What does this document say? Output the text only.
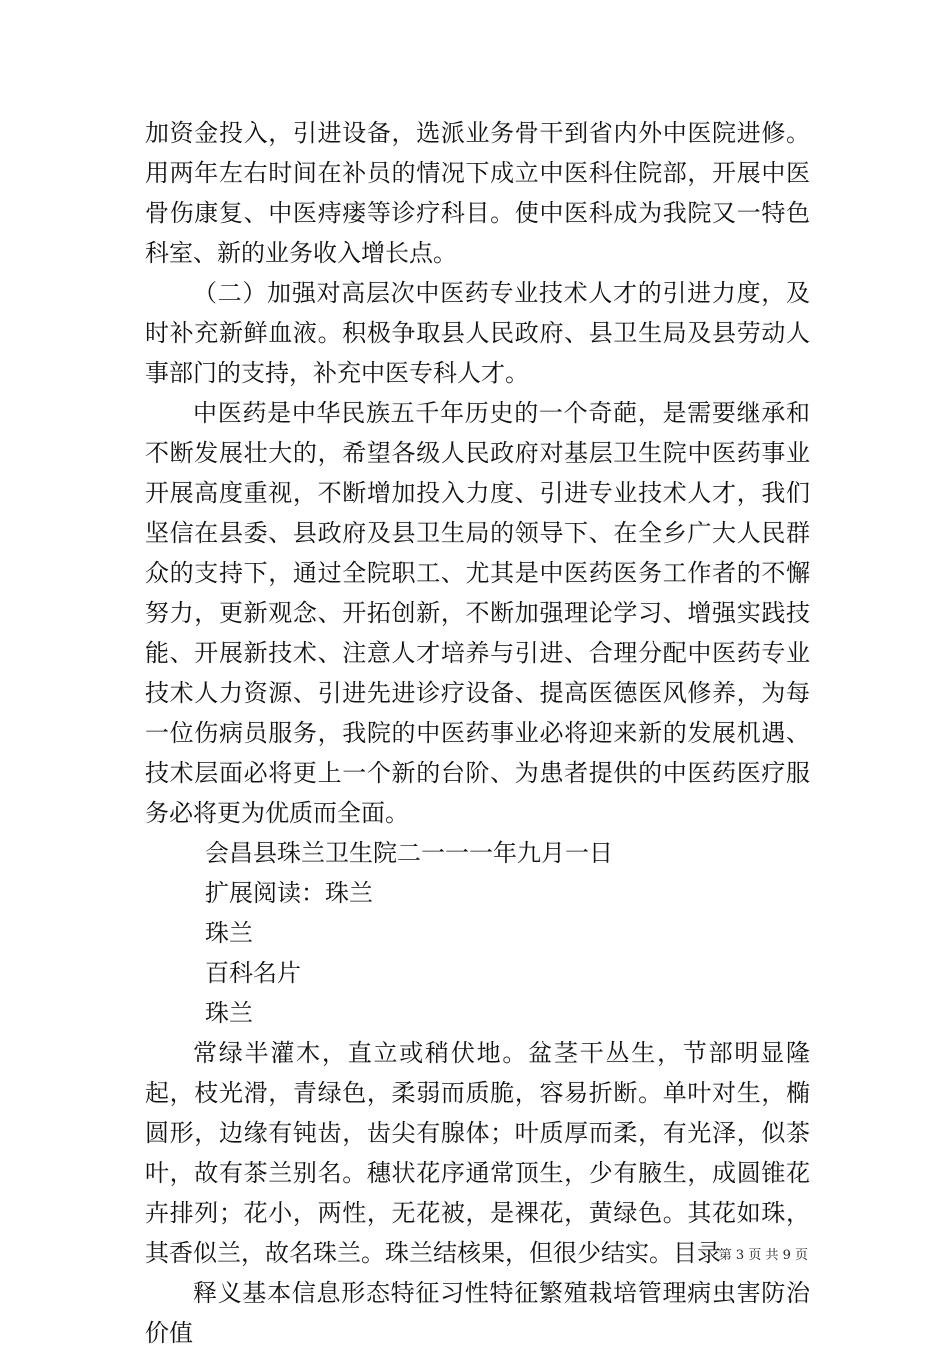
加资金投入，引进设备，选派业务骨干到省内外中医院进修。用两年左右时间在补员的情况下成立中医科住院部，开展中医骨伤康复、中医痔瘘等诊疗科目。使中医科成为我院又一特色科室、新的业务收入增长点。

（二）加强对高层次中医药专业技术人才的引进力度，及时补充新鲜血液。积极争取县人民政府、县卫生局及县劳动人事部门的支持，补充中医专科人才。

中医药是中华民族五千年历史的一个奇葩，是需要继承和不断发展壮大的，希望各级人民政府对基层卫生院中医药事业开展高度重视，不断增加投入力度、引进专业技术人才，我们坚信在县委、县政府及县卫生局的领导下、在全乡广大人民群众的支持下，通过全院职工、尤其是中医药医务工作者的不懈努力，更新观念、开拓创新，不断加强理论学习、增强实践技能、开展新技术、注意人才培养与引进、合理分配中医药专业技术人力资源、引进先进诊疗设备、提高医德医风修养，为每一位伤病员服务，我院的中医药事业必将迎来新的发展机遇、技术层面必将更上一个新的台阶、为患者提供的中医药医疗服务必将更为优质而全面。

会昌县珠兰卫生院二一一一年九月一日

扩展阅读：珠兰

珠兰

百科名片

珠兰

常绿半灌木，直立或稍伏地。盆茎干丛生，节部明显隆起，枝光滑，青绿色，柔弱而质脆，容易折断。单叶对生，椭圆形，边缘有钝齿，齿尖有腺体；叶质厚而柔，有光泽，似茶叶，故有茶兰别名。穗状花序通常顶生，少有腋生，成圆锥花卉排列；花小，两性，无花被，是裸花，黄绿色。其花如珠，其香似兰，故名珠兰。珠兰结核果，但很少结实。目录

释义基本信息形态特征习性特征繁殖栽培管理病虫害防治价值

第 3 页 共 9 页
